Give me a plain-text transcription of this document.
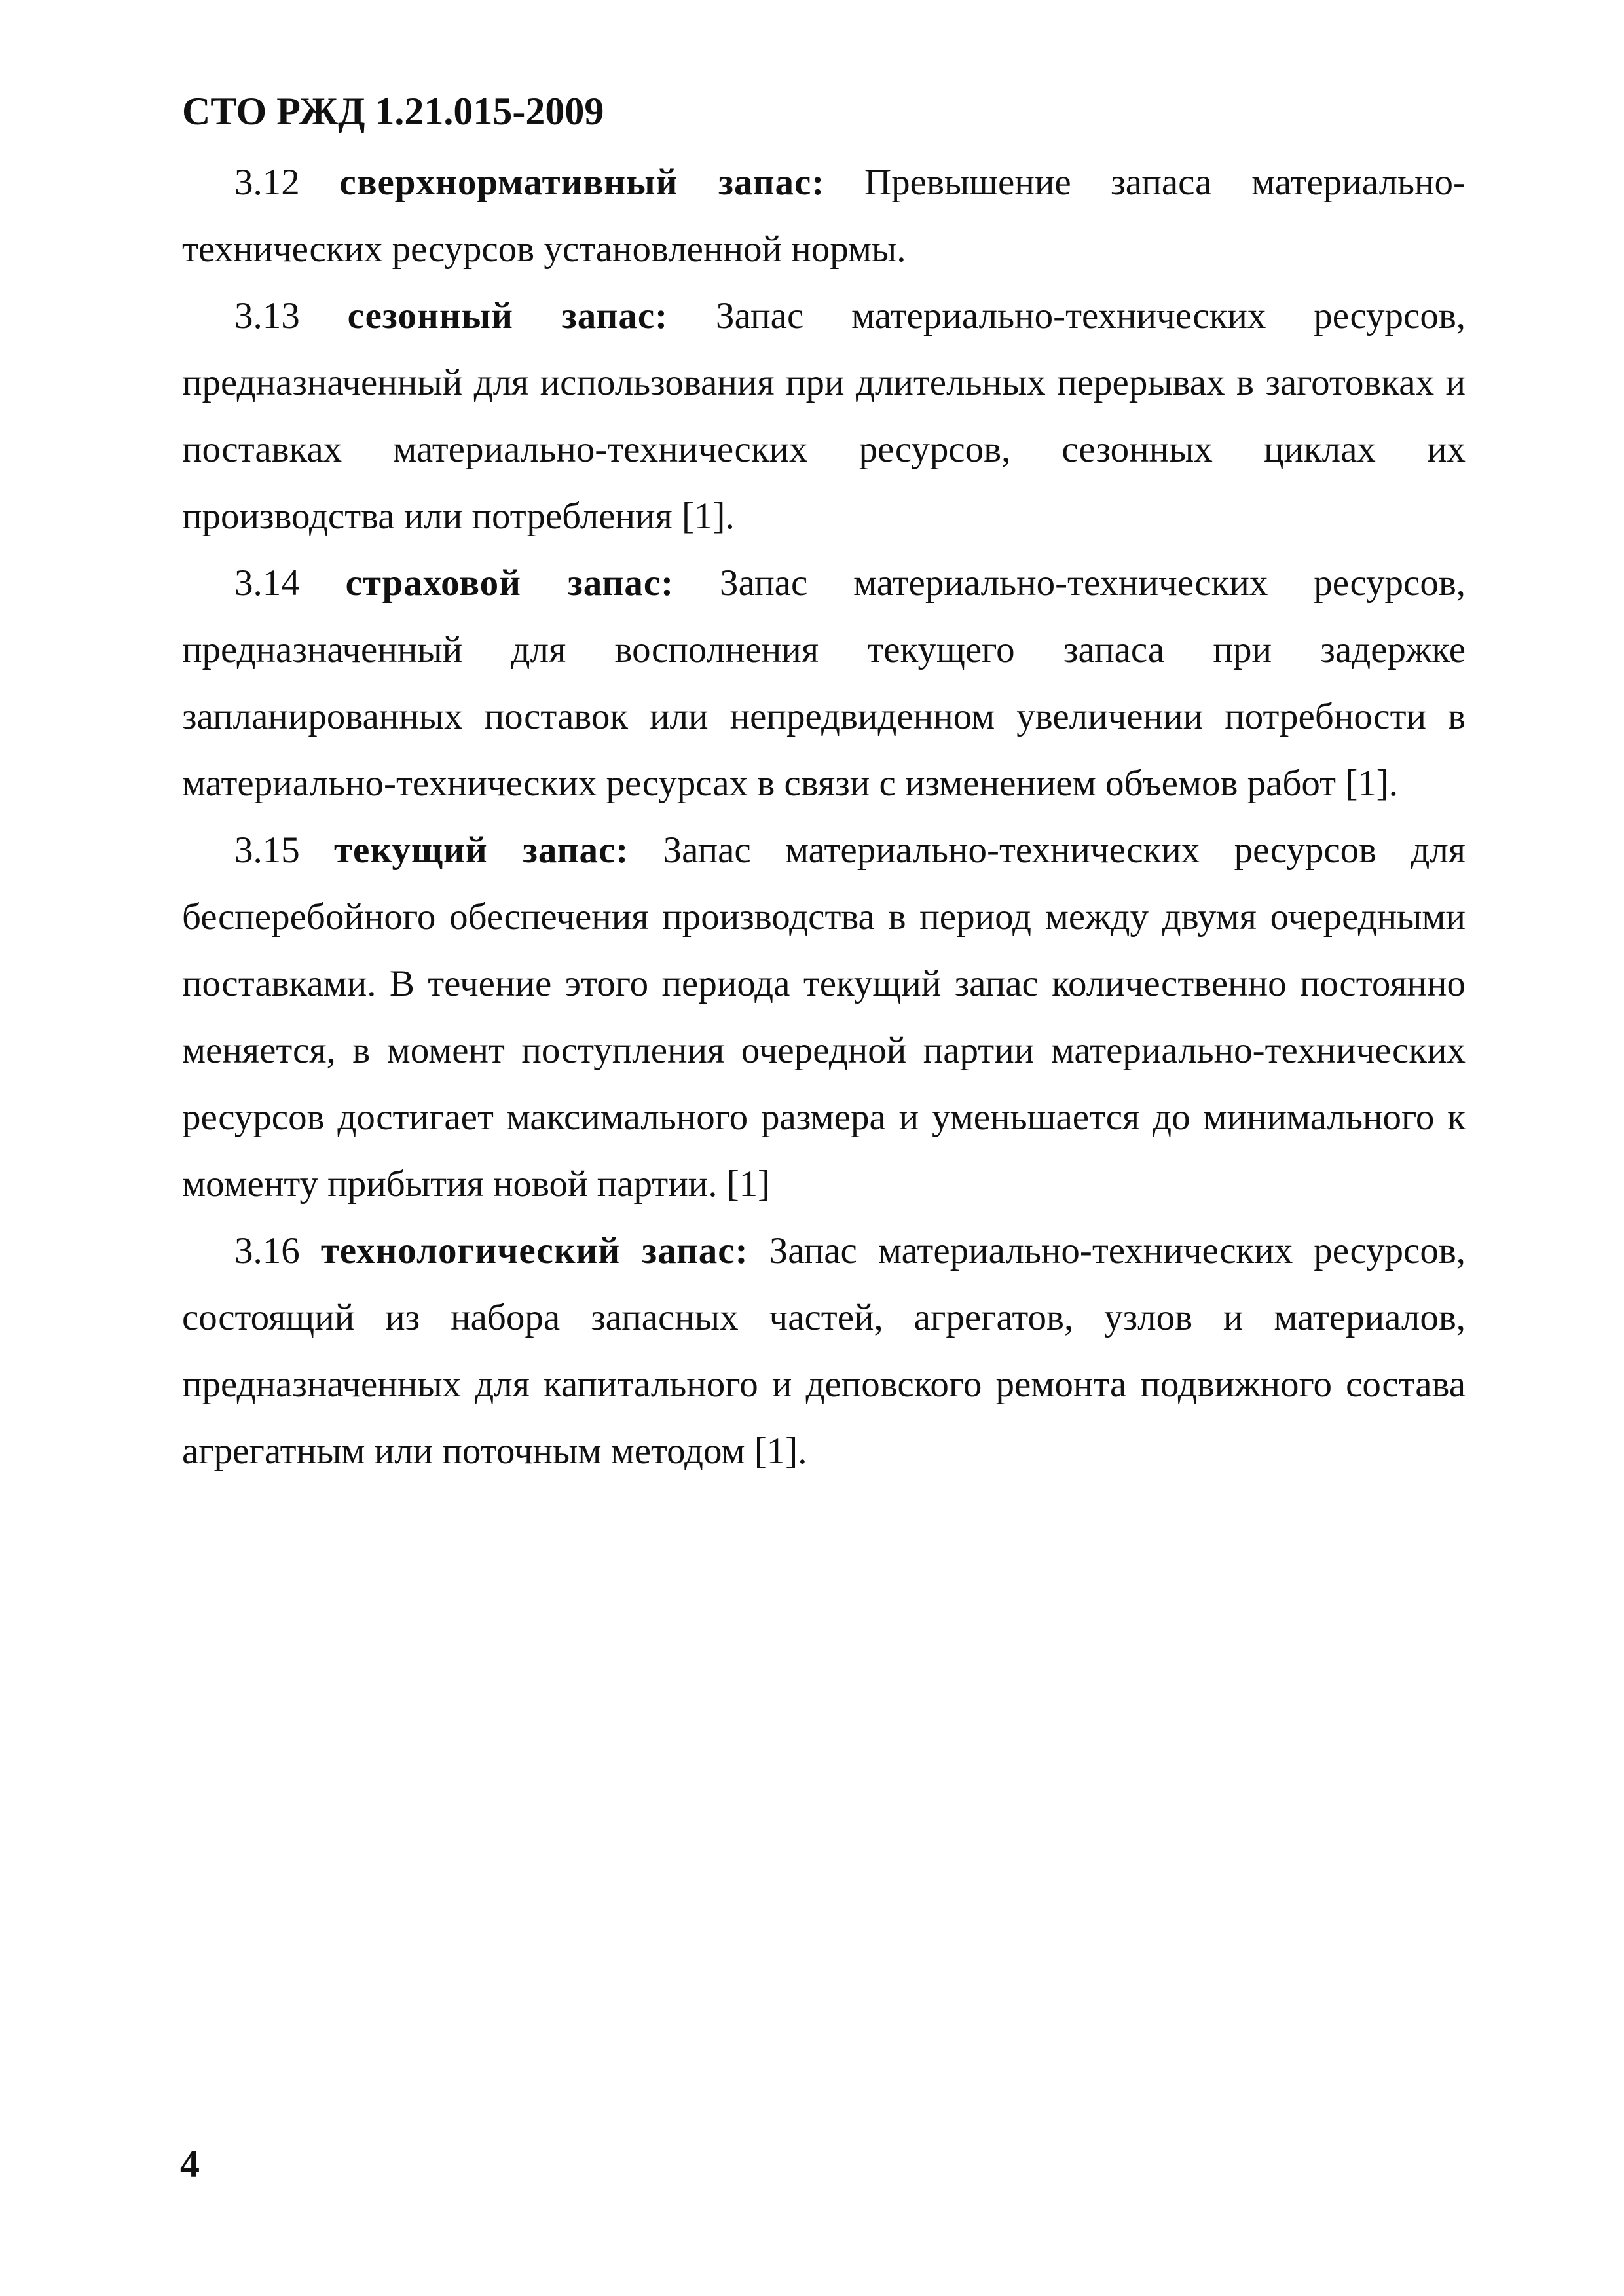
СТО РЖД 1.21.015-2009

3.12 сверхнормативный запас: Превышение запаса материально-технических ресурсов установленной нормы.

3.13 сезонный запас: Запас материально-технических ресурсов, предназначенный для использования при длительных перерывах в заготовках и поставках материально-технических ресурсов, сезонных циклах их производства или потребления [1].

3.14 страховой запас: Запас материально-технических ресурсов, предназначенный для восполнения текущего запаса при задержке запланированных поставок или непредвиденном увеличении потребности в материально-технических ресурсах в связи с изменением объемов работ [1].

3.15 текущий запас: Запас материально-технических ресурсов для бесперебойного обеспечения производства в период между двумя очередными поставками. В течение этого периода текущий запас количественно постоянно меняется, в момент поступления очередной партии материально-технических ресурсов достигает максимального размера и уменьшается до минимального к моменту прибытия новой партии. [1]

3.16 технологический запас: Запас материально-технических ресурсов, состоящий из набора запасных частей, агрегатов, узлов и материалов, предназначенных для капитального и деповского ремонта подвижного состава агрегатным или поточным методом [1].

4
